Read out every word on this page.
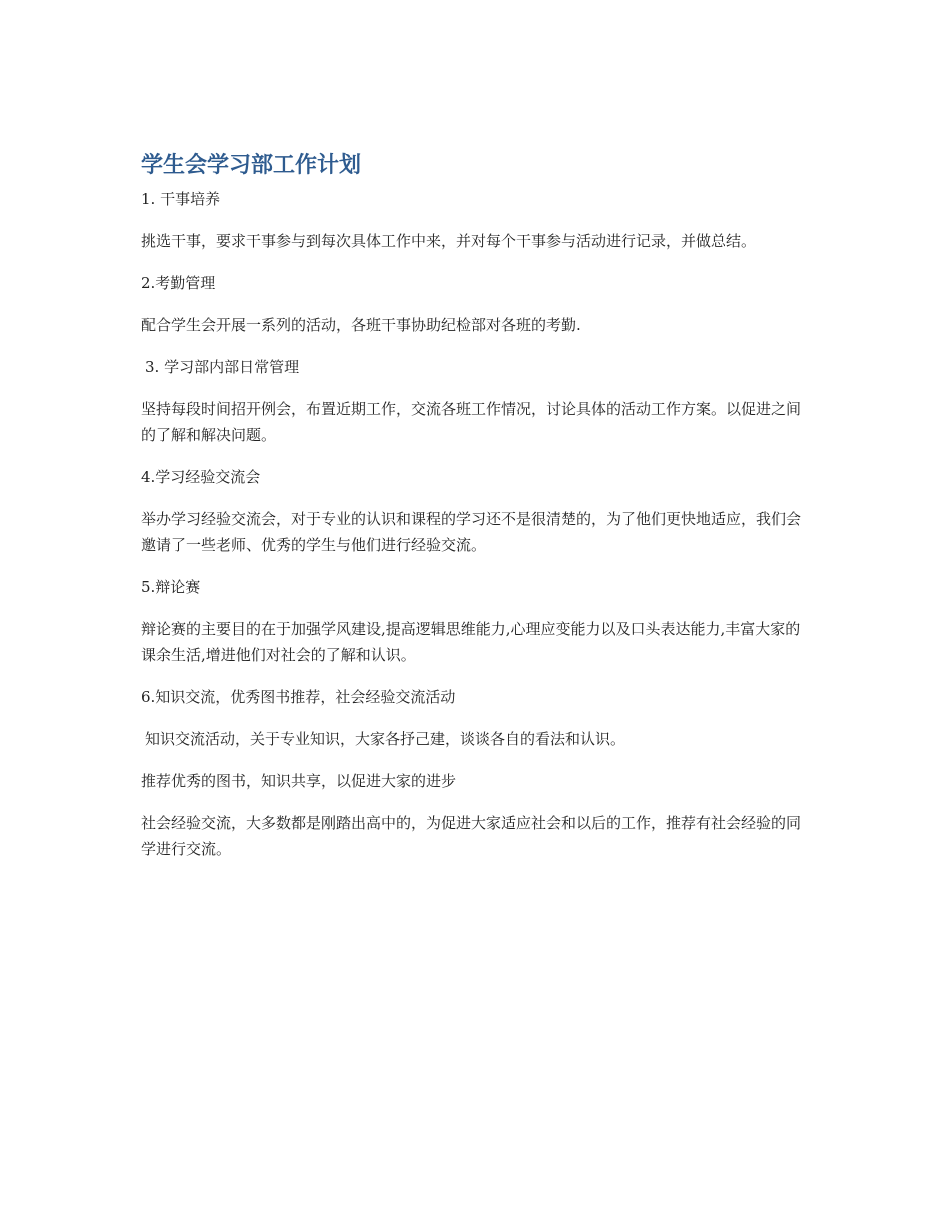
学生会学习部工作计划

1. 干事培养

挑选干事，要求干事参与到每次具体工作中来，并对每个干事参与活动进行记录，并做总结。

2.考勤管理

配合学生会开展一系列的活动，各班干事协助纪检部对各班的考勤.

3. 学习部内部日常管理

坚持每段时间招开例会，布置近期工作，交流各班工作情况，讨论具体的活动工作方案。以促进之间的了解和解决问题。

4.学习经验交流会

举办学习经验交流会，对于专业的认识和课程的学习还不是很清楚的，为了他们更快地适应，我们会邀请了一些老师、优秀的学生与他们进行经验交流。

5.辩论赛

辩论赛的主要目的在于加强学风建设,提高逻辑思维能力,心理应变能力以及口头表达能力,丰富大家的课余生活,增进他们对社会的了解和认识。

6.知识交流，优秀图书推荐，社会经验交流活动

知识交流活动，关于专业知识，大家各抒己建，谈谈各自的看法和认识。

推荐优秀的图书，知识共享，以促进大家的进步

社会经验交流，大多数都是刚踏出高中的，为促进大家适应社会和以后的工作，推荐有社会经验的同学进行交流。
